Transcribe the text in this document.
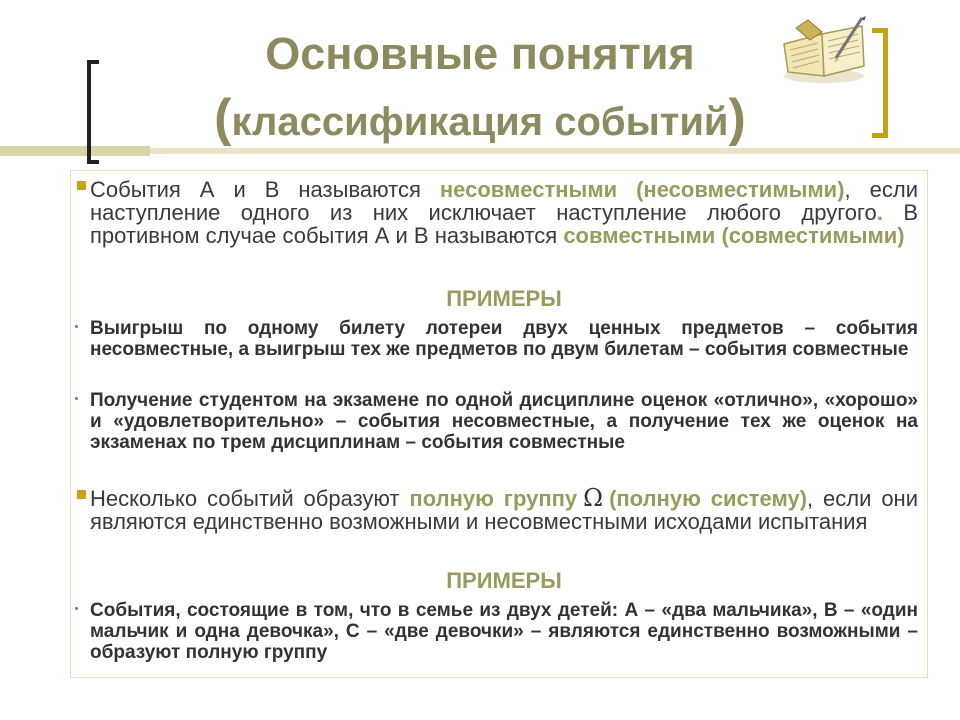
Основные понятия
(классификация событий)

События А и В называются несовместными (несовместимыми), если наступление одного из них исключает наступление любого другого. В противном случае события А и В называются совместными (совместимыми)

ПРИМЕРЫ

Выигрыш по одному билету лотереи двух ценных предметов – события несовместные, а выигрыш тех же предметов по двум билетам – события совместные

Получение студентом на экзамене по одной дисциплине оценок «отлично», «хорошо» и «удовлетворительно» – события несовместные, а получение тех же оценок на экзаменах по трем дисциплинам – события совместные

Несколько событий образуют полную группу Ω (полную систему), если они являются единственно возможными и несовместными исходами испытания

ПРИМЕРЫ

События, состоящие в том, что в семье из двух детей: А – «два мальчика», В – «один мальчик и одна девочка», С – «две девочки» – являются единственно возможными – образуют полную группу
